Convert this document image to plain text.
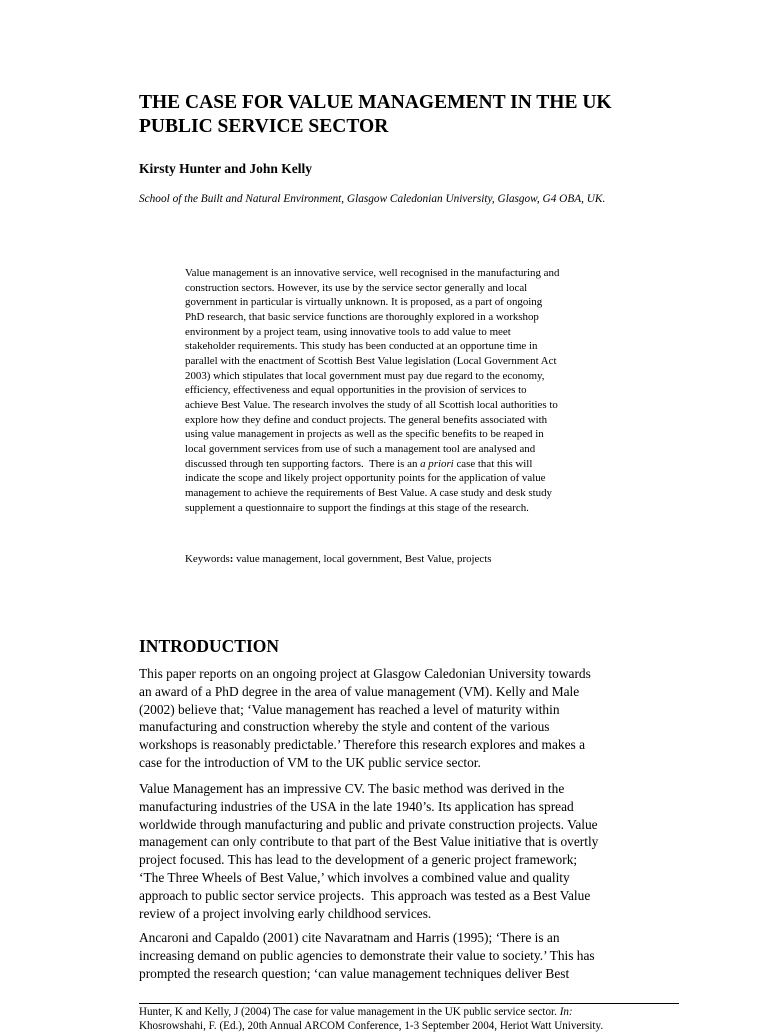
THE CASE FOR VALUE MANAGEMENT IN THE UK
PUBLIC SERVICE SECTOR

Kirsty Hunter and John Kelly

School of the Built and Natural Environment, Glasgow Caledonian University, Glasgow, G4 OBA, UK.

Value management is an innovative service, well recognised in the manufacturing and
construction sectors. However, its use by the service sector generally and local
government in particular is virtually unknown. It is proposed, as a part of ongoing
PhD research, that basic service functions are thoroughly explored in a workshop
environment by a project team, using innovative tools to add value to meet
stakeholder requirements. This study has been conducted at an opportune time in
parallel with the enactment of Scottish Best Value legislation (Local Government Act
2003) which stipulates that local government must pay due regard to the economy,
efficiency, effectiveness and equal opportunities in the provision of services to
achieve Best Value. The research involves the study of all Scottish local authorities to
explore how they define and conduct projects. The general benefits associated with
using value management in projects as well as the specific benefits to be reaped in
local government services from use of such a management tool are analysed and
discussed through ten supporting factors.  There is an a priori case that this will
indicate the scope and likely project opportunity points for the application of value
management to achieve the requirements of Best Value. A case study and desk study
supplement a questionnaire to support the findings at this stage of the research.

Keywords: value management, local government, Best Value, projects

INTRODUCTION
This paper reports on an ongoing project at Glasgow Caledonian University towards
an award of a PhD degree in the area of value management (VM). Kelly and Male
(2002) believe that; ‘Value management has reached a level of maturity within
manufacturing and construction whereby the style and content of the various
workshops is reasonably predictable.’ Therefore this research explores and makes a
case for the introduction of VM to the UK public service sector.
Value Management has an impressive CV. The basic method was derived in the
manufacturing industries of the USA in the late 1940’s. Its application has spread
worldwide through manufacturing and public and private construction projects. Value
management can only contribute to that part of the Best Value initiative that is overtly
project focused. This has lead to the development of a generic project framework;
‘The Three Wheels of Best Value,’ which involves a combined value and quality
approach to public sector service projects.  This approach was tested as a Best Value
review of a project involving early childhood services.
Ancaroni and Capaldo (2001) cite Navaratnam and Harris (1995); ‘There is an
increasing demand on public agencies to demonstrate their value to society.’ This has
prompted the research question; ‘can value management techniques deliver Best
Hunter, K and Kelly, J (2004) The case for value management in the UK public service sector. In:
Khosrowshahi, F. (Ed.), 20th Annual ARCOM Conference, 1-3 September 2004, Heriot Watt University.
